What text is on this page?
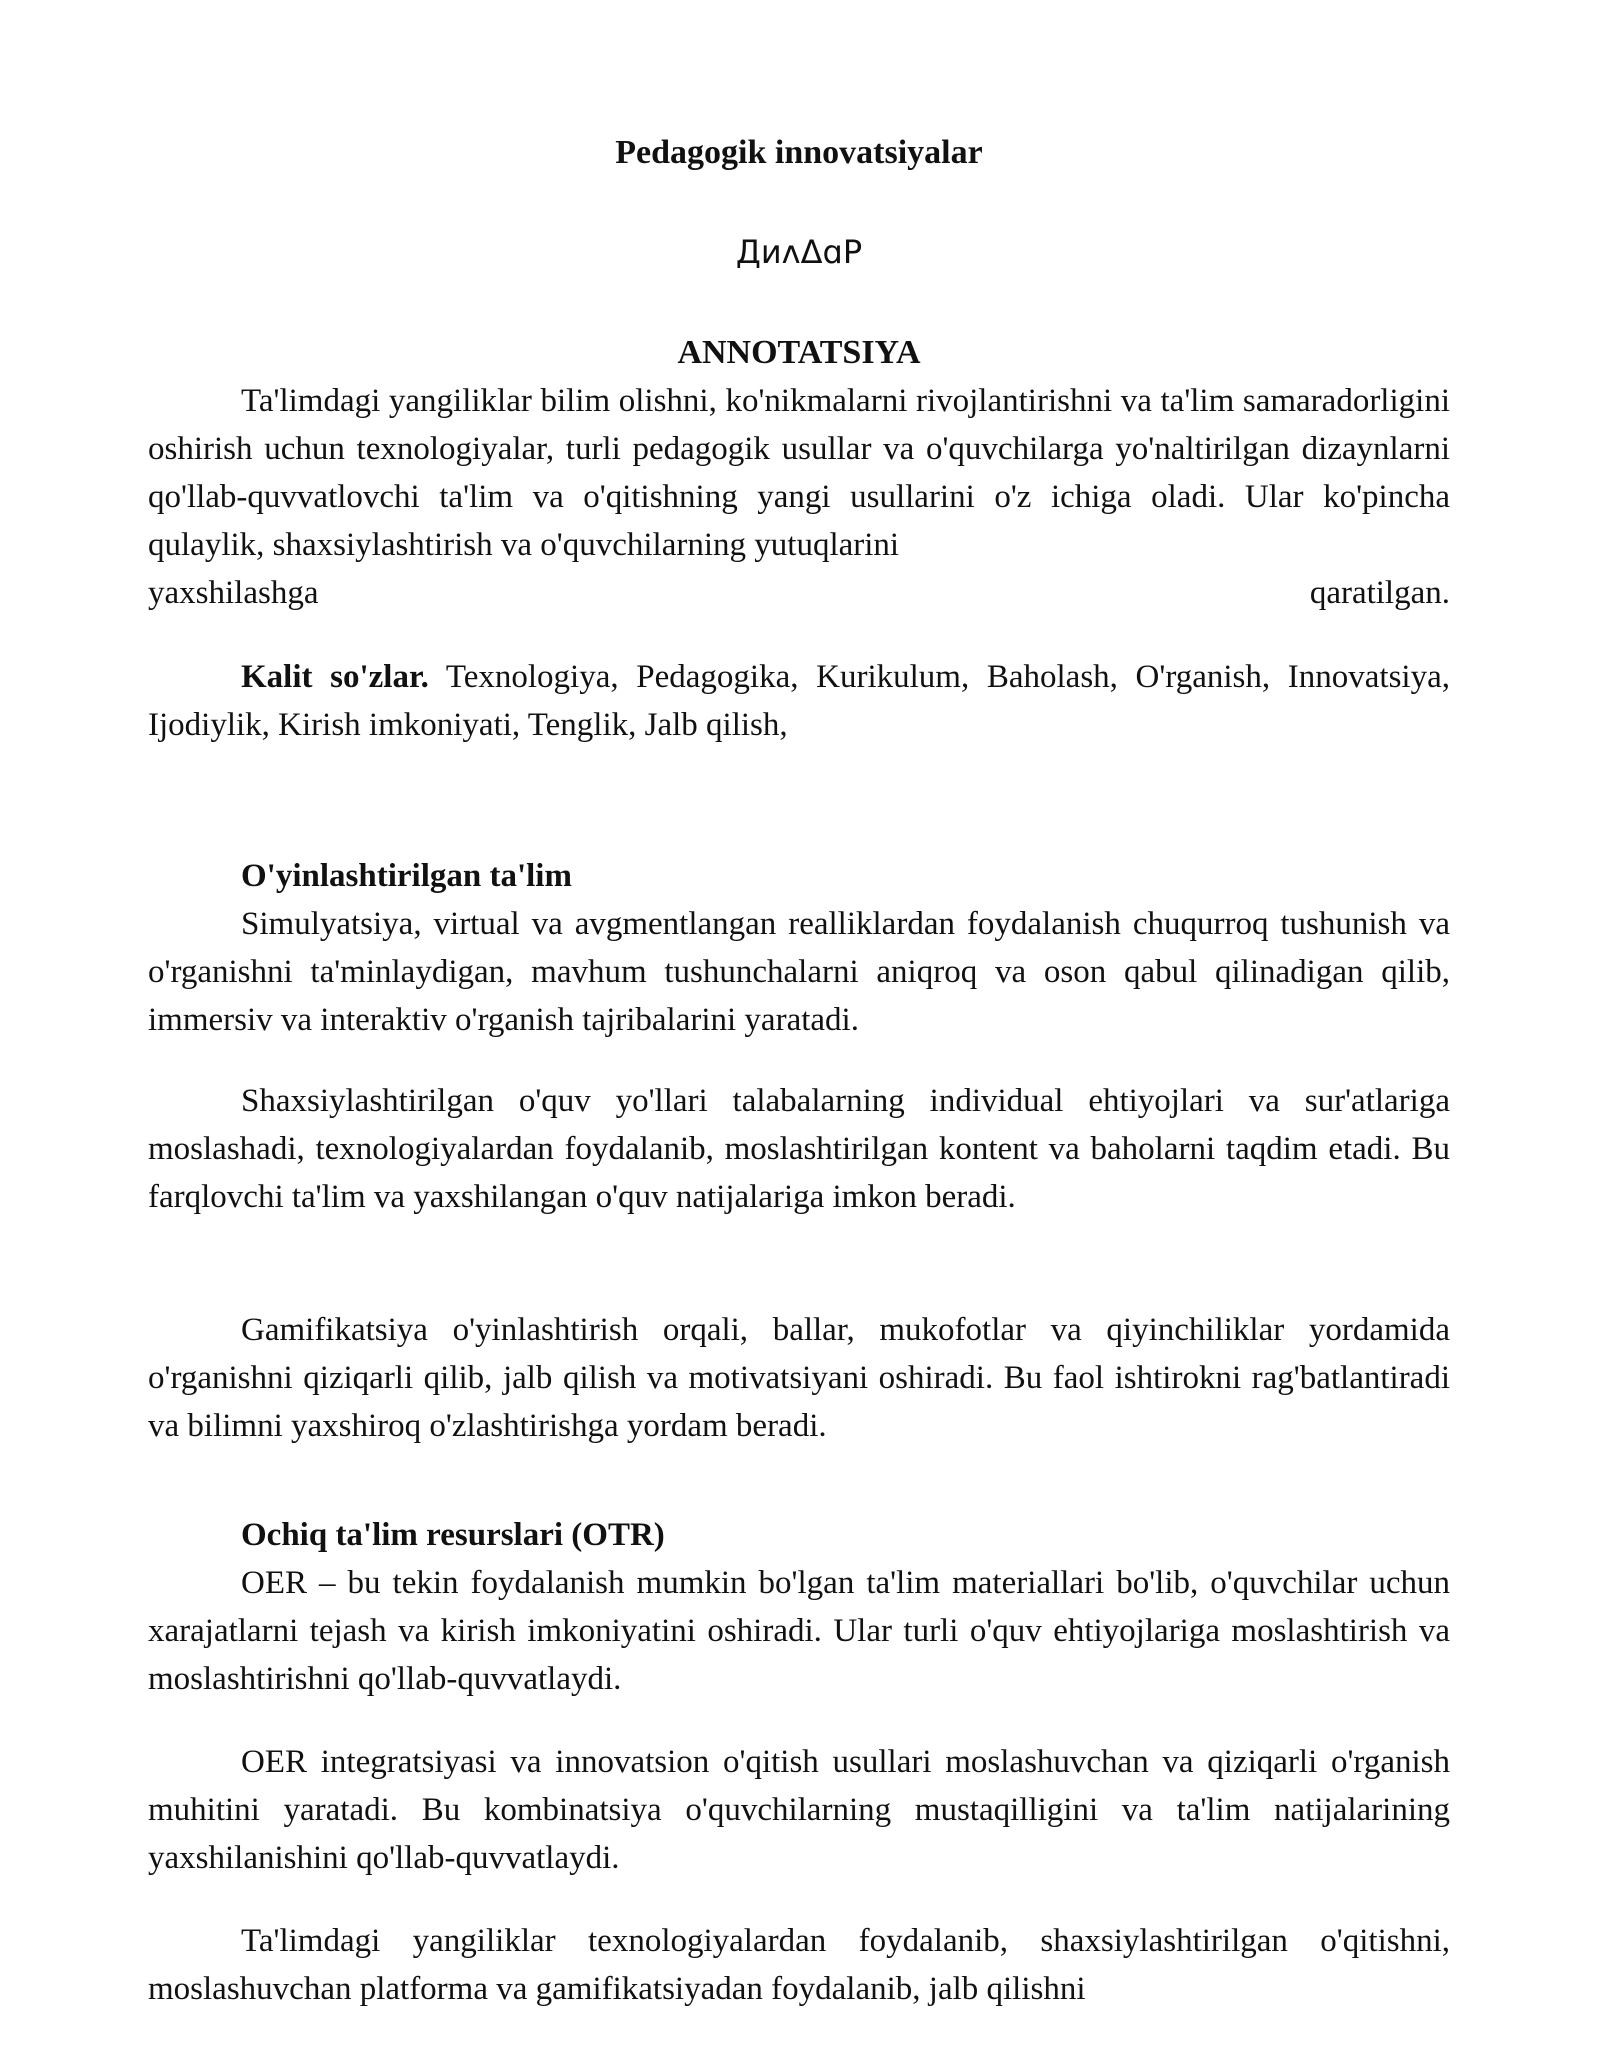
Pedagogik innovatsiyalar
ДиʌΔɑP
ANNOTATSIYA
Ta'limdagi yangiliklar bilim olishni, ko'nikmalarni rivojlantirishni va ta'lim samaradorligini oshirish uchun texnologiyalar, turli pedagogik usullar va o'quvchilarga yo'naltirilgan dizaynlarni qo'llab-quvvatlovchi ta'lim va o'qitishning yangi usullarini o'z ichiga oladi. Ular ko'pincha qulaylik, shaxsiylashtirish va o'quvchilarning yutuqlarini
yaxshilashga	qaratilgan.
Kalit so'zlar. Texnologiya, Pedagogika, Kurikulum, Baholash, O'rganish, Innovatsiya, Ijodiylik, Kirish imkoniyati, Tenglik, Jalb qilish,
O'yinlashtirilgan ta'lim
Simulyatsiya, virtual va avgmentlangan realliklardan foydalanish chuqurroq tushunish va o'rganishni ta'minlaydigan, mavhum tushunchalarni aniqroq va oson qabul qilinadigan qilib, immersiv va interaktiv o'rganish tajribalarini yaratadi.
Shaxsiylashtirilgan o'quv yo'llari talabalarning individual ehtiyojlari va sur'atlariga moslashadi, texnologiyalardan foydalanib, moslashtirilgan kontent va baholarni taqdim etadi. Bu farqlovchi ta'lim va yaxshilangan o'quv natijalariga imkon beradi.
Gamifikatsiya o'yinlashtirish orqali, ballar, mukofotlar va qiyinchiliklar yordamida o'rganishni qiziqarli qilib, jalb qilish va motivatsiyani oshiradi. Bu faol ishtirokni rag'batlantiradi va bilimni yaxshiroq o'zlashtirishga yordam beradi.
Ochiq ta'lim resurslari (OTR)
OER – bu tekin foydalanish mumkin bo'lgan ta'lim materiallari bo'lib, o'quvchilar uchun xarajatlarni tejash va kirish imkoniyatini oshiradi. Ular turli o'quv ehtiyojlariga moslashtirish va moslashtirishni qo'llab-quvvatlaydi.
OER integratsiyasi va innovatsion o'qitish usullari moslashuvchan va qiziqarli o'rganish muhitini yaratadi. Bu kombinatsiya o'quvchilarning mustaqilligini va ta'lim natijalarining yaxshilanishini qo'llab-quvvatlaydi.
Ta'limdagi yangiliklar texnologiyalardan foydalanib, shaxsiylashtirilgan o'qitishni, moslashuvchan platforma va gamifikatsiyadan foydalanib, jalb qilishni
